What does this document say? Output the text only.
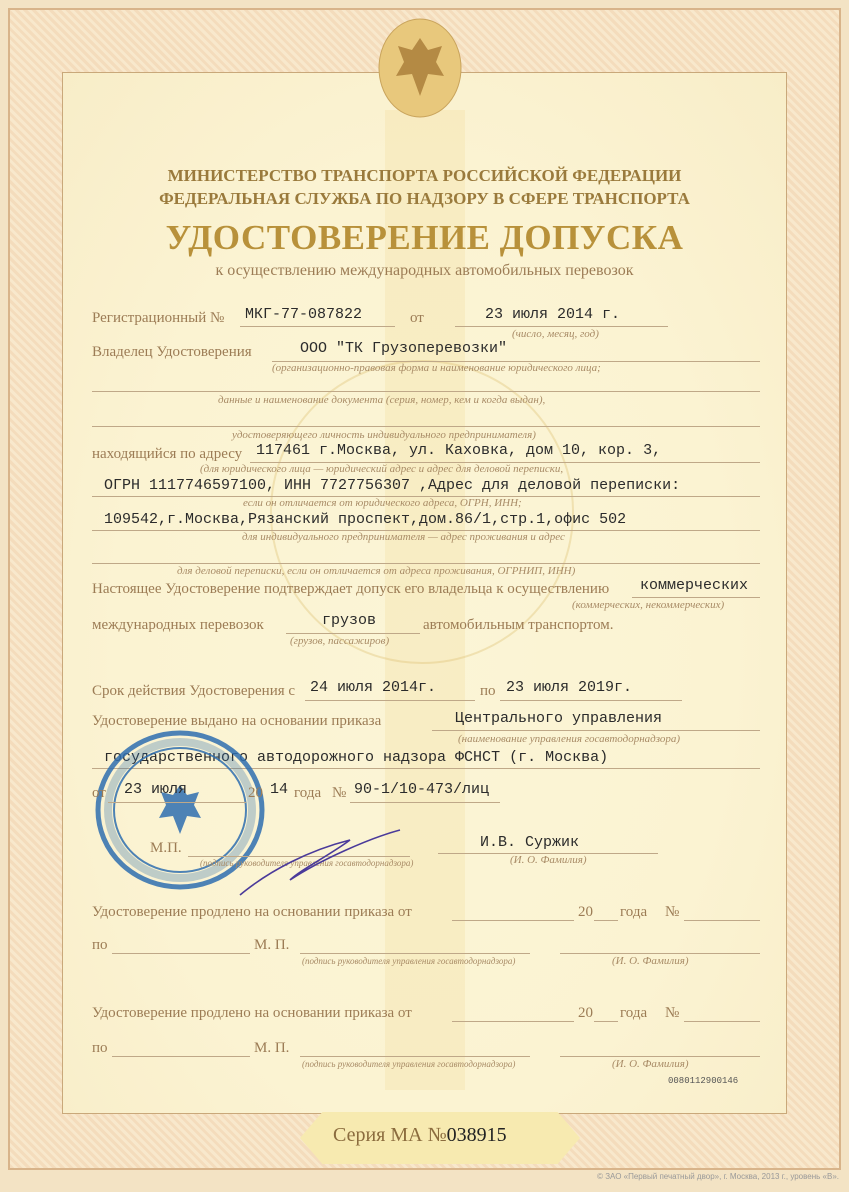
МИНИСТЕРСТВО ТРАНСПОРТА РОССИЙСКОЙ ФЕДЕРАЦИИ
ФЕДЕРАЛЬНАЯ СЛУЖБА ПО НАДЗОРУ В СФЕРЕ ТРАНСПОРТА
УДОСТОВЕРЕНИЕ ДОПУСКА
к осуществлению международных автомобильных перевозок
Регистрационный № МКГ-77-087822	от	23 июля 2014 г.
(число, месяц, год)
Владелец Удостоверения	ООО "ТК Грузоперевозки"
(организационно-правовая форма и наименование юридического лица;
данные и наименование документа (серия, номер, кем и когда выдан),
удостоверяющего личность индивидуального предпринимателя)
находящийся по адресу 117461 г.Москва, ул. Каховка, дом 10, кор. 3,
(для юридического лица — юридический адрес и адрес для деловой переписки,
ОГРН 1117746597100, ИНН 7727756307 ,Адрес для деловой переписки:
если он отличается от юридического адреса, ОГРН, ИНН;
109542,г.Москва,Рязанский проспект,дом.86/1,стр.1,офис 502
для индивидуального предпринимателя — адрес проживания и адрес
для деловой переписки, если он отличается от адреса проживания, ОГРНИП, ИНН)
Настоящее Удостоверение подтверждает допуск его владельца к осуществлению коммерческих
(коммерческих, некоммерческих)
международных перевозок	грузов	автомобильным транспортом.
(грузов, пассажиров)
Срок действия Удостоверения с 24 июля 2014г.	по 23 июля 2019г.
Удостоверение выдано на основании приказа	Центрального управления
(наименование управления госавтодорнадзора)
государственного автодорожного надзора ФСНСТ (г. Москва)
от 23 июля	20 14 года № 90-1/10-473/лиц
М.П.
(подпись руководителя управления госавтодорнадзора)
И.В. Суржик
(И. О. Фамилия)
Удостоверение продлено на основании приказа от	20 года №
по	М. П.
(подпись руководителя управления госавтодорнадзора)	(И. О. Фамилия)
Удостоверение продлено на основании приказа от	20 года №
по	М. П.
(подпись руководителя управления госавтодорнадзора)	(И. О. Фамилия)
0080112900146
Серия МА №038915
© ЗАО «Первый печатный двор», г. Москва, 2013 г., уровень «В».
